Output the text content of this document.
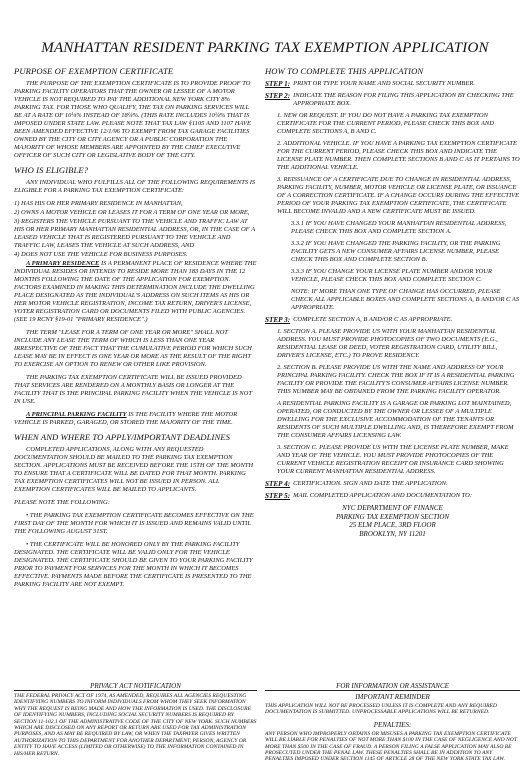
MANHATTAN RESIDENT PARKING TAX EXEMPTION APPLICATION
PURPOSE OF EXEMPTION CERTIFICATE

THE PURPOSE OF THE EXEMPTION CERTIFICATE IS TO PROVIDE PROOF TO PARKING FACILITY OPERATORS THAT THE OWNER OR LESSEE OF A MOTOR VEHICLE IS NOT REQUIRED TO PAY THE ADDITIONAL NEW YORK CITY 8% PARKING TAX. FOR THOSE WHO QUALIFY, THE TAX ON PARKING SERVICES WILL BE AT A RATE OF 10¼% INSTEAD OF 18¼%. (THIS RATE INCLUDES 10¼% THAT IS IMPOSED UNDER STATE LAW. PLEASE NOTE THAT TAX LAW §1105 AND 1107 HAVE BEEN AMENDED EFFECTIVE 12/1/96 TO EXEMPT FROM TAX GARAGE FACILITIES OWNED BY THE CITY OR CITY AGENCY OR A PUBLIC CORPORATION THE MAJORITY OF WHOSE MEMBERS ARE APPOINTED BY THE CHIEF EXECUTIVE OFFICER OF SUCH CITY OR LEGISLATIVE BODY OF THE CITY.

WHO IS ELIGIBLE?

ANY INDIVIDUAL WHO FULFILLS ALL OF THE FOLLOWING REQUIREMENTS IS ELIGIBLE FOR A PARKING TAX EXEMPTION CERTIFICATE:

1) HAS HIS OR HER PRIMARY RESIDENCE IN MANHATTAN,

2) OWNS A MOTOR VEHICLE OR LEASES IT FOR A TERM OF ONE YEAR OR MORE,

3) REGISTERS THE VEHICLE PURSUANT TO THE VEHICLE AND TRAFFIC LAW AT HIS OR HER PRIMARY MANHATTAN RESIDENTIAL ADDRESS, OR, IN THE CASE OF A LEASED VEHICLE THAT IS REGISTERED PURSUANT TO THE VEHICLE AND TRAFFIC LAW, LEASES THE VEHICLE AT SUCH ADDRESS, AND

4) DOES NOT USE THE VEHICLE FOR BUSINESS PURPOSES.

A PRIMARY RESIDENCE IS A PERMANENT PLACE OF RESIDENCE WHERE THE INDIVIDUAL RESIDES OR INTENDS TO RESIDE MORE THAN 183 DAYS IN THE 12 MONTHS FOLLOWING THE DATE OF THE APPLICATION FOR EXEMPTION. FACTORS EXAMINED IN MAKING THIS DETERMINATION INCLUDE THE DWELLING PLACE DESIGNATED AS THE INDIVIDUAL'S ADDRESS ON SUCH ITEMS AS HIS OR HER MOTOR VEHICLE REGISTRATION, INCOME TAX RETURN, DRIVER'S LICENSE, VOTER REGISTRATION CARD OR DOCUMENTS FILED WITH PUBLIC AGENCIES. (SEE 19 RCNY §19-01 "PRIMARY RESIDENCE".)

THE TERM "LEASE FOR A TERM OF ONE YEAR OR MORE" SHALL NOT INCLUDE ANY LEASE THE TERM OF WHICH IS LESS THAN ONE YEAR IRRESPECTIVE OF THE FACT THAT THE CUMULATIVE PERIOD FOR WHICH SUCH LEASE MAY BE IN EFFECT IS ONE YEAR OR MORE AS THE RESULT OF THE RIGHT TO EXERCISE AN OPTION TO RENEW OR OTHER LIKE PROVISION.

THE PARKING TAX EXEMPTION CERTIFICATE WILL BE ISSUED PROVIDED THAT SERVICES ARE RENDERED ON A MONTHLY BASIS OR LONGER AT THE FACILITY THAT IS THE PRINCIPAL PARKING FACILITY WHEN THE VEHICLE IS NOT IN USE.

A PRINCIPAL PARKING FACILITY IS THE FACILITY WHERE THE MOTOR VEHICLE IS PARKED, GARAGED, OR STORED THE MAJORITY OF THE TIME.

WHEN AND WHERE TO APPLY/IMPORTANT DEADLINES

COMPLETED APPLICATIONS, ALONG WITH ANY REQUESTED DOCUMENTATION SHOULD BE MAILED TO THE PARKING TAX EXEMPTION SECTION. APPLICATIONS MUST BE RECEIVED BEFORE THE 15TH OF THE MONTH TO ENSURE THAT A CERTIFICATE WILL BE DATED FOR THAT MONTH. PARKING TAX EXEMPTION CERTIFICATES WILL NOT BE ISSUED IN PERSON. ALL EXEMPTION CERTIFICATES WILL BE MAILED TO APPLICANTS.

PLEASE NOTE THE FOLLOWING:

• THE PARKING TAX EXEMPTION CERTIFICATE BECOMES EFFECTIVE ON THE FIRST DAY OF THE MONTH FOR WHICH IT IS ISSUED AND REMAINS VALID UNTIL THE FOLLOWING AUGUST 31ST.

• THE CERTIFICATE WILL BE HONORED ONLY BY THE PARKING FACILITY DESIGNATED. THE CERTIFICATE WILL BE VALID ONLY FOR THE VEHICLE DESIGNATED. THE CERTIFICATE SHOULD BE GIVEN TO YOUR PARKING FACILITY PRIOR TO PAYMENT FOR SERVICES FOR THE MONTH IN WHICH IT BECOMES EFFECTIVE. PAYMENTS MADE BEFORE THE CERTIFICATE IS PRESENTED TO THE PARKING FACILITY ARE NOT EXEMPT.

HOW TO COMPLETE THIS APPLICATION
STEP 1: PRINT OR TYPE YOUR NAME AND SOCIAL SECURITY NUMBER.
STEP 2: INDICATE THE REASON FOR FILING THIS APPLICATION BY CHECKING THE APPROPRIATE BOX.
1. NEW OR REQUEST. IF YOU DO NOT HAVE A PARKING TAX EXEMPTION CERTIFICATE FOR THE CURRENT PERIOD, PLEASE CHECK THIS BOX AND COMPLETE SECTIONS A, B AND C.
2. ADDITIONAL VEHICLE. IF YOU HAVE A PARKING TAX EXEMPTION CERTIFICATE FOR THE CURRENT PERIOD, PLEASE CHECK THIS BOX AND INDICATE THE LICENSE PLATE NUMBER. THEN COMPLETE SECTIONS B AND C AS IT PERTAINS TO THE ADDITIONAL VEHICLE.
3. REISSUANCE OF A CERTIFICATE DUE TO CHANGE IN RESIDENTIAL ADDRESS, PARKING FACILITY, NUMBER, MOTOR VEHICLE OR LICENSE PLATE, OR ISSUANCE OF A CORRECTION CERTIFICATE. IF A CHANGE OCCURS DURING THE EFFECTIVE PERIOD OF YOUR PARKING TAX EXEMPTION CERTIFICATE, THE CERTIFICATE WILL BECOME INVALID AND A NEW CERTIFICATE MUST BE ISSUED.
3.3.1 IF YOU HAVE CHANGED YOUR MANHATTAN RESIDENTIAL ADDRESS, PLEASE CHECK THIS BOX AND COMPLETE SECTION A.
3.3.2 IF YOU HAVE CHANGED THE PARKING FACILITY, OR THE PARKING FACILITY GETS A NEW CONSUMER AFFAIRS LICENSE NUMBER, PLEASE CHECK THIS BOX AND COMPLETE SECTION B.
3.3.3 IF YOU CHANGE YOUR LICENSE PLATE NUMBER AND/OR YOUR VEHICLE, PLEASE CHECK THIS BOX AND COMPLETE SECTION C.
NOTE: IF MORE THAN ONE TYPE OF CHANGE HAS OCCURRED, PLEASE CHECK ALL APPLICABLE BOXES AND COMPLETE SECTIONS A, B AND/OR C AS APPROPRIATE.
STEP 3: COMPLETE SECTION A, B AND/OR C AS APPROPRIATE.
1. SECTION A. PLEASE PROVIDE US WITH YOUR MANHATTAN RESIDENTIAL ADDRESS. YOU MUST PROVIDE PHOTOCOPIES OF TWO DOCUMENTS (E.G., RESIDENTIAL LEASE OR DEED, VOTER REGISTRATION CARD, UTILITY BILL, DRIVER'S LICENSE, ETC.) TO PROVE RESIDENCY.
2. SECTION B. PLEASE PROVIDE US WITH THE NAME AND ADDRESS OF YOUR PRINCIPAL PARKING FACILITY. CHECK THE BOX IF IT IS A RESIDENTIAL PARKING FACILITY OR PROVIDE THE FACILITY'S CONSUMER AFFAIRS LICENSE NUMBER. THIS NUMBER MAY BE OBTAINED FROM THE PARKING FACILITY OPERATOR.
A RESIDENTIAL PARKING FACILITY IS A GARAGE OR PARKING LOT MAINTAINED, OPERATED, OR CONDUCTED BY THE OWNER OR LESSEE OF A MULTIPLE DWELLING FOR THE EXCLUSIVE ACCOMMODATION OF THE TENANTS OR RESIDENTS OF SUCH MULTIPLE DWELLING AND, IS THEREFORE EXEMPT FROM THE CONSUMER AFFAIRS LICENSING LAW.
3. SECTION C. PLEASE PROVIDE US WITH THE LICENSE PLATE NUMBER, MAKE AND YEAR OF THE VEHICLE. YOU MUST PROVIDE PHOTOCOPIES OF THE CURRENT VEHICLE REGISTRATION RECEIPT OR INSURANCE CARD SHOWING YOUR CURRENT MANHATTAN RESIDENTIAL ADDRESS.
STEP 4: CERTIFICATION. SIGN AND DATE THE APPLICATION.
STEP 5: MAIL COMPLETED APPLICATION AND DOCUMENTATION TO:
NYC DEPARTMENT OF FINANCE
PARKING TAX EXEMPTION SECTION
25 ELM PLACE, 3RD FLOOR
BROOKLYN, NY 11201
PRIVACY ACT NOTIFICATION

THE FEDERAL PRIVACY ACT OF 1974, AS AMENDED, REQUIRES ALL AGENCIES REQUESTING IDENTIFYING NUMBERS TO INFORM INDIVIDUALS FROM WHOM THEY SEEK INFORMATION WHY THE REQUEST IS BEING MADE AND HOW THE INFORMATION IS USED. THE DISCLOSURE OF IDENTIFYING NUMBERS, INCLUDING SOCIAL SECURITY NUMBERS IS REQUIRED BY SECTION 11-102.1 OF THE ADMINISTRATIVE CODE OF THE CITY OF NEW YORK. SUCH NUMBERS WHICH ARE DISCLOSED ON ANY REPORT OR RETURN ARE USED FOR TAX ADMINISTRATION PURPOSES, AND AS MAY BE REQUIRED BY LAW, OR WHEN THE TAXPAYER GIVES WRITTEN AUTHORIZATION TO THIS DEPARTMENT FOR ANOTHER DEPARTMENT, PERSON, AGENCY OR ENTITY TO HAVE ACCESS (LIMITED OR OTHERWISE) TO THE INFORMATION CONTAINED IN HIS/HER RETURN.

FOR INFORMATION OR ASSISTANCE
IMPORTANT REMINDER

THIS APPLICATION WILL NOT BE PROCESSED UNLESS IT IS COMPLETE AND ANY REQUIRED DOCUMENTATION IS SUBMITTED. UNPROCESSABLE APPLICATIONS WILL BE RETURNED.

PENALTIES:

ANY PERSON WHO IMPROPERLY OBTAINS OR MISUSES A PARKING TAX EXEMPTION CERTIFICATE WILL BE LIABLE FOR PENALTIES OF NOT MORE THAN $100 IN THE CASE OF NEGLIGENCE AND NOT MORE THAN $500 IN THE CASE OF FRAUD. A PERSON FILING A FALSE APPLICATION MAY ALSO BE PROSECUTED UNDER THE PENAL LAW. THESE PENALTIES SHALL BE IN ADDITION TO ANY PENALTIES IMPOSED UNDER SECTION 1145 OF ARTICLE 28 OF THE NEW YORK STATE TAX LAW.
